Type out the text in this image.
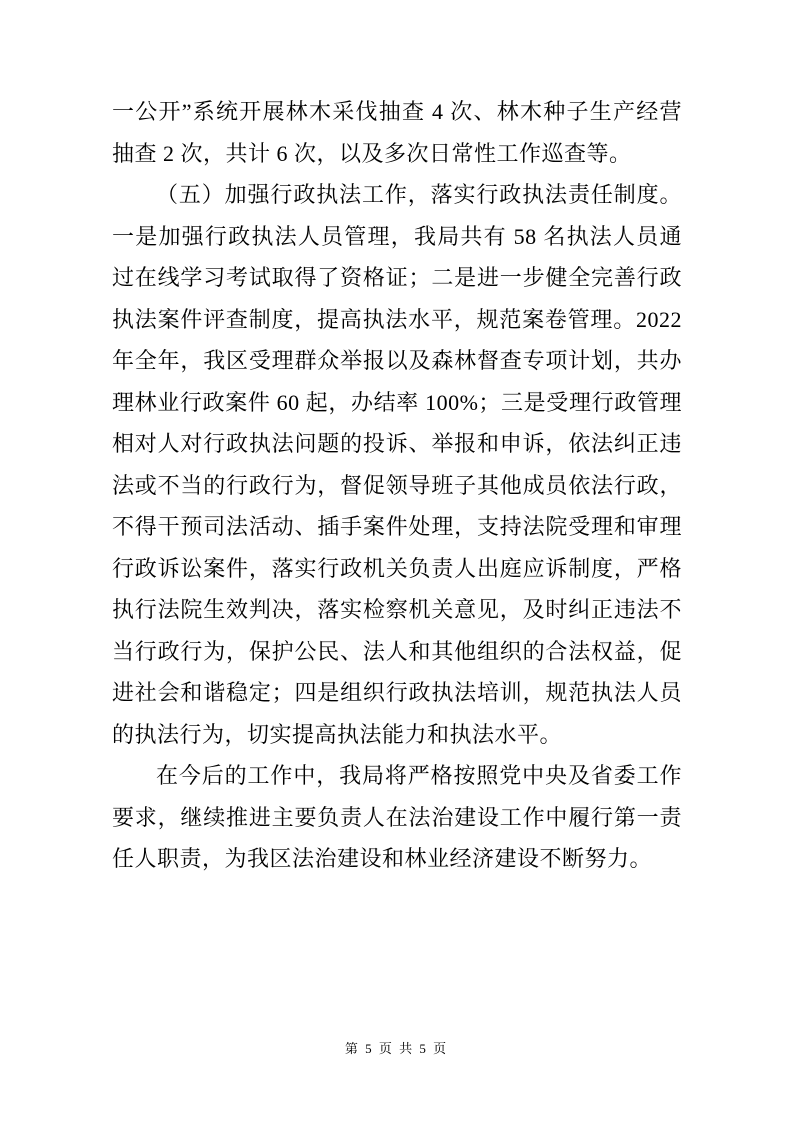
一公开”系统开展林木采伐抽查 4 次、林木种子生产经营抽查 2 次，共计 6 次，以及多次日常性工作巡查等。

（五）加强行政执法工作，落实行政执法责任制度。一是加强行政执法人员管理，我局共有 58 名执法人员通过在线学习考试取得了资格证；二是进一步健全完善行政执法案件评查制度，提高执法水平，规范案卷管理。2022 年全年，我区受理群众举报以及森林督查专项计划，共办理林业行政案件 60 起，办结率 100%；三是受理行政管理相对人对行政执法问题的投诉、举报和申诉，依法纠正违法或不当的行政行为，督促领导班子其他成员依法行政，不得干预司法活动、插手案件处理，支持法院受理和审理行政诉讼案件，落实行政机关负责人出庭应诉制度，严格执行法院生效判决，落实检察机关意见，及时纠正违法不当行政行为，保护公民、法人和其他组织的合法权益，促进社会和谐稳定；四是组织行政执法培训，规范执法人员的执法行为，切实提高执法能力和执法水平。

在今后的工作中，我局将严格按照党中央及省委工作要求，继续推进主要负责人在法治建设工作中履行第一责任人职责，为我区法治建设和林业经济建设不断努力。

第 5 页 共 5 页
